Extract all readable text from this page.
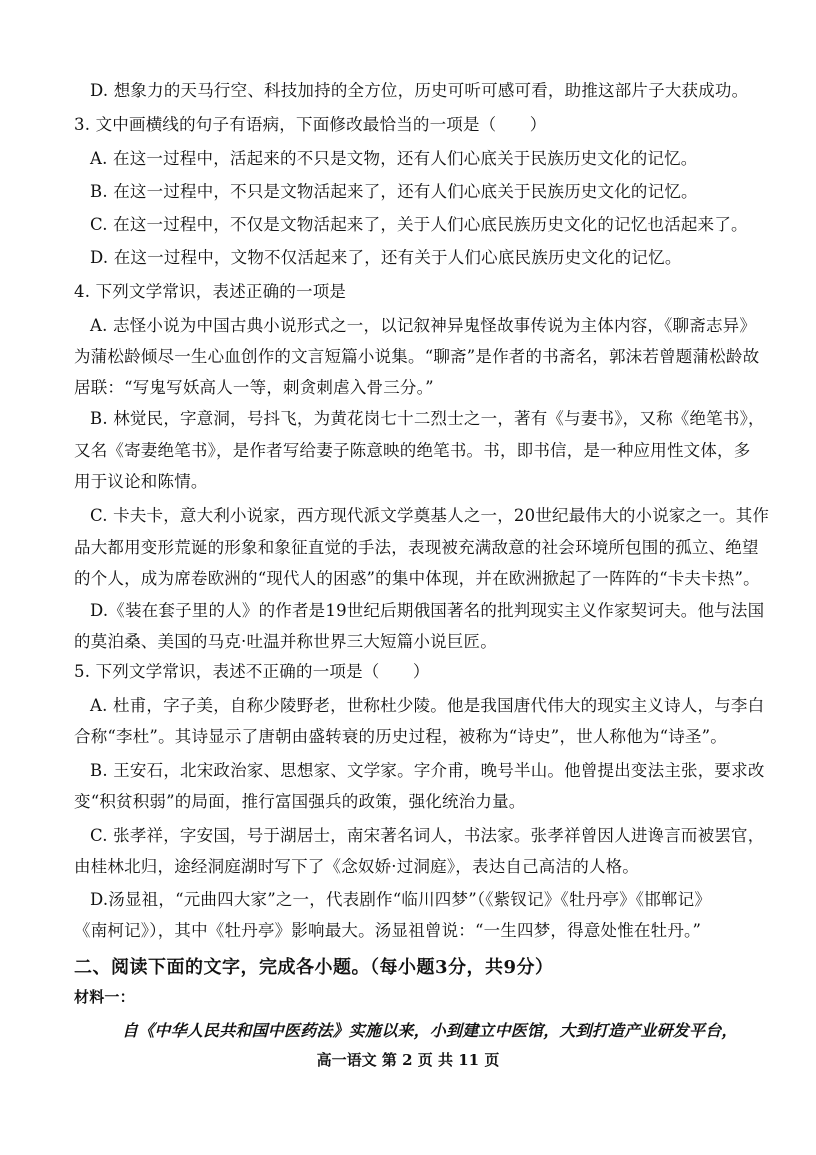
D. 想象力的天马行空、科技加持的全方位，历史可听可感可看，助推这部片子大获成功。
3. 文中画横线的句子有语病，下面修改最恰当的一项是（　　）
A. 在这一过程中，活起来的不只是文物，还有人们心底关于民族历史文化的记忆。
B. 在这一过程中，不只是文物活起来了，还有人们心底关于民族历史文化的记忆。
C. 在这一过程中，不仅是文物活起来了，关于人们心底民族历史文化的记忆也活起来了。
D. 在这一过程中，文物不仅活起来了，还有关于人们心底民族历史文化的记忆。
4. 下列文学常识，表述正确的一项是
A. 志怪小说为中国古典小说形式之一，以记叙神异鬼怪故事传说为主体内容，《聊斋志异》
为蒲松龄倾尽一生心血创作的文言短篇小说集。“聊斋”是作者的书斋名，郭沫若曾题蒲松龄故
居联：“写鬼写妖高人一等，刺贪刺虐入骨三分。”
B. 林觉民，字意洞，号抖飞，为黄花岗七十二烈士之一，著有《与妻书》，又称《绝笔书》，
又名《寄妻绝笔书》，是作者写给妻子陈意映的绝笔书。书，即书信，是一种应用性文体，多
用于议论和陈情。
C. 卡夫卡，意大利小说家，西方现代派文学奠基人之一，20世纪最伟大的小说家之一。其作
品大都用变形荒诞的形象和象征直觉的手法，表现被充满敌意的社会环境所包围的孤立、绝望
的个人，成为席卷欧洲的“现代人的困惑”的集中体现，并在欧洲掀起了一阵阵的“卡夫卡热”。
D.《装在套子里的人》的作者是19世纪后期俄国著名的批判现实主义作家契诃夫。他与法国
的莫泊桑、美国的马克·吐温并称世界三大短篇小说巨匠。
5. 下列文学常识，表述不正确的一项是（　　）
A. 杜甫，字子美，自称少陵野老，世称杜少陵。他是我国唐代伟大的现实主义诗人，与李白
合称“李杜”。其诗显示了唐朝由盛转衰的历史过程，被称为“诗史”，世人称他为“诗圣”。
B. 王安石，北宋政治家、思想家、文学家。字介甫，晚号半山。他曾提出变法主张，要求改
变“积贫积弱”的局面，推行富国强兵的政策，强化统治力量。
C. 张孝祥，字安国，号于湖居士，南宋著名词人，书法家。张孝祥曾因人进谗言而被罢官，
由桂林北归，途经洞庭湖时写下了《念奴娇·过洞庭》，表达自己高洁的人格。
D.汤显祖，“元曲四大家”之一，代表剧作“临川四梦”（《紫钗记》《牡丹亭》《邯郸记》
《南柯记》），其中《牡丹亭》影响最大。汤显祖曾说：“一生四梦，得意处惟在牡丹。”
二、阅读下面的文字，完成各小题。（每小题3分，共9分）
材料一：
自《中华人民共和国中医药法》实施以来，小到建立中医馆，大到打造产业研发平台，
高一语文 第 2 页 共 11 页
